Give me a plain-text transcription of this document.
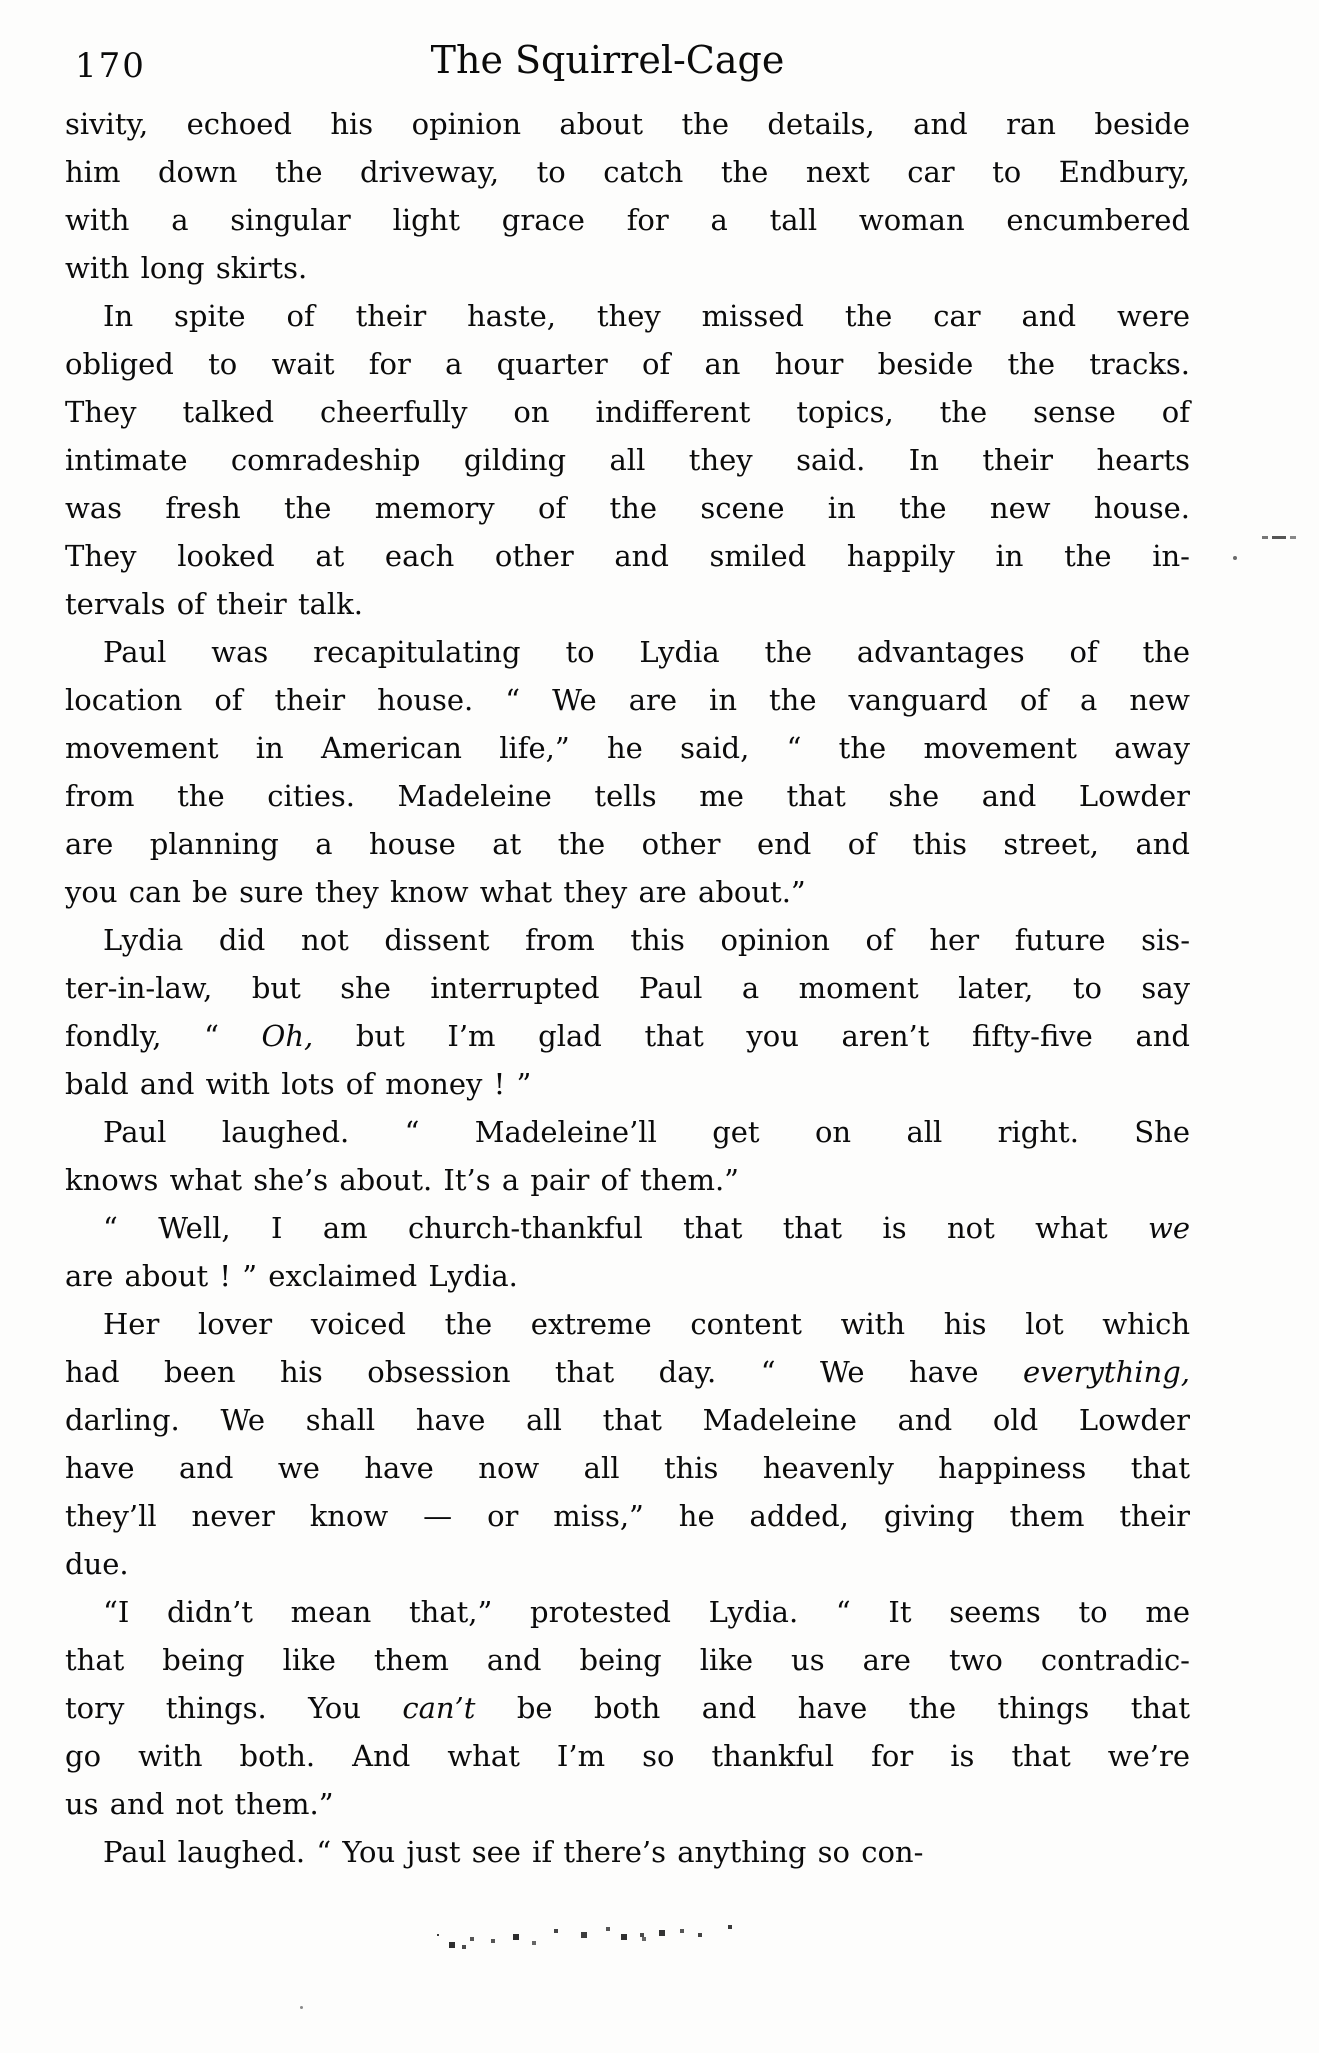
170	The Squirrel-Cage
sivity, echoed his opinion about the details, and ran beside
him down the driveway, to catch the next car to Endbury,
with a singular light grace for a tall woman encumbered
with long skirts.
In spite of their haste, they missed the car and were
obliged to wait for a quarter of an hour beside the tracks.
They talked cheerfully on indifferent topics, the sense of
intimate comradeship gilding all they said. In their hearts
was fresh the memory of the scene in the new house.
They looked at each other and smiled happily in the in-
tervals of their talk.
Paul was recapitulating to Lydia the advantages of the
location of their house. “ We are in the vanguard of a new
movement in American life,” he said, “ the movement away
from the cities. Madeleine tells me that she and Lowder
are planning a house at the other end of this street, and
you can be sure they know what they are about.”
Lydia did not dissent from this opinion of her future sis-
ter-in-law, but she interrupted Paul a moment later, to say
fondly, “ Oh, but I’m glad that you aren’t fifty-five and
bald and with lots of money ! ”
Paul laughed. “ Madeleine’ll get on all right. She
knows what she’s about. It’s a pair of them.”
“ Well, I am church-thankful that that is not what we
are about ! ” exclaimed Lydia.
Her lover voiced the extreme content with his lot which
had been his obsession that day. “ We have everything,
darling. We shall have all that Madeleine and old Lowder
have and we have now all this heavenly happiness that
they’ll never know — or miss,” he added, giving them their
due.
“I didn’t mean that,” protested Lydia. “ It seems to me
that being like them and being like us are two contradic-
tory things. You can’t be both and have the things that
go with both. And what I’m so thankful for is that we’re
us and not them.”
Paul laughed. “ You just see if there’s anything so con-
